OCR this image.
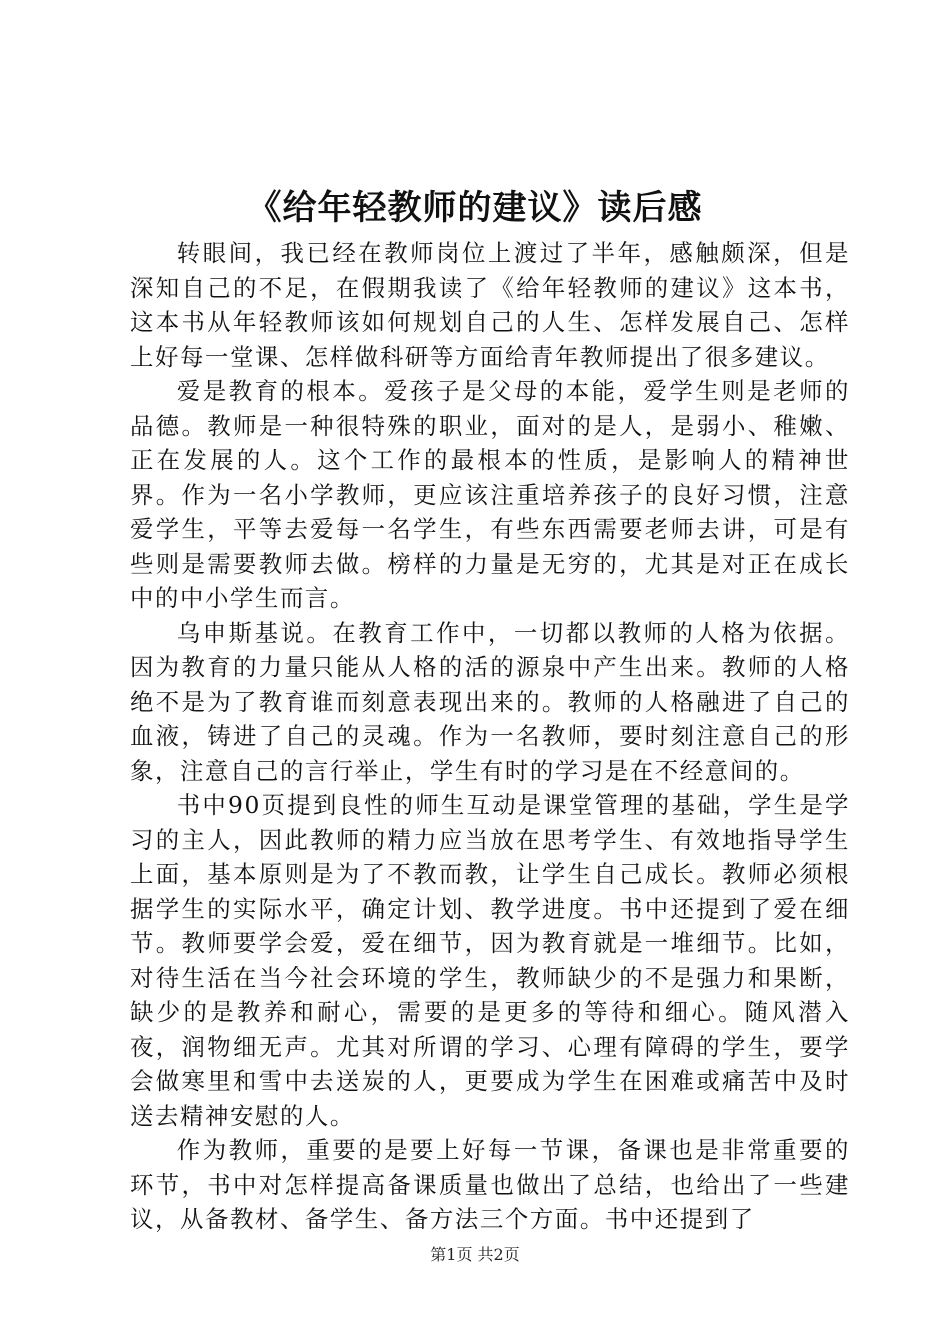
《给年轻教师的建议》读后感

转眼间，我已经在教师岗位上渡过了半年，感触颇深，但是深知自己的不足，在假期我读了《给年轻教师的建议》这本书，这本书从年轻教师该如何规划自己的人生、怎样发展自己、怎样上好每一堂课、怎样做科研等方面给青年教师提出了很多建议。

爱是教育的根本。爱孩子是父母的本能，爱学生则是老师的品德。教师是一种很特殊的职业，面对的是人，是弱小、稚嫩、正在发展的人。这个工作的最根本的性质，是影响人的精神世界。作为一名小学教师，更应该注重培养孩子的良好习惯，注意爱学生，平等去爱每一名学生，有些东西需要老师去讲，可是有些则是需要教师去做。榜样的力量是无穷的，尤其是对正在成长中的中小学生而言。

乌申斯基说。在教育工作中，一切都以教师的人格为依据。因为教育的力量只能从人格的活的源泉中产生出来。教师的人格绝不是为了教育谁而刻意表现出来的。教师的人格融进了自己的血液，铸进了自己的灵魂。作为一名教师，要时刻注意自己的形象，注意自己的言行举止，学生有时的学习是在不经意间的。

书中90页提到良性的师生互动是课堂管理的基础，学生是学习的主人，因此教师的精力应当放在思考学生、有效地指导学生上面，基本原则是为了不教而教，让学生自己成长。教师必须根据学生的实际水平，确定计划、教学进度。书中还提到了爱在细节。教师要学会爱，爱在细节，因为教育就是一堆细节。比如，对待生活在当今社会环境的学生，教师缺少的不是强力和果断，缺少的是教养和耐心，需要的是更多的等待和细心。随风潜入夜，润物细无声。尤其对所谓的学习、心理有障碍的学生，要学会做寒里和雪中去送炭的人，更要成为学生在困难或痛苦中及时送去精神安慰的人。

作为教师，重要的是要上好每一节课，备课也是非常重要的环节，书中对怎样提高备课质量也做出了总结，也给出了一些建议，从备教材、备学生、备方法三个方面。书中还提到了

第1页 共2页
